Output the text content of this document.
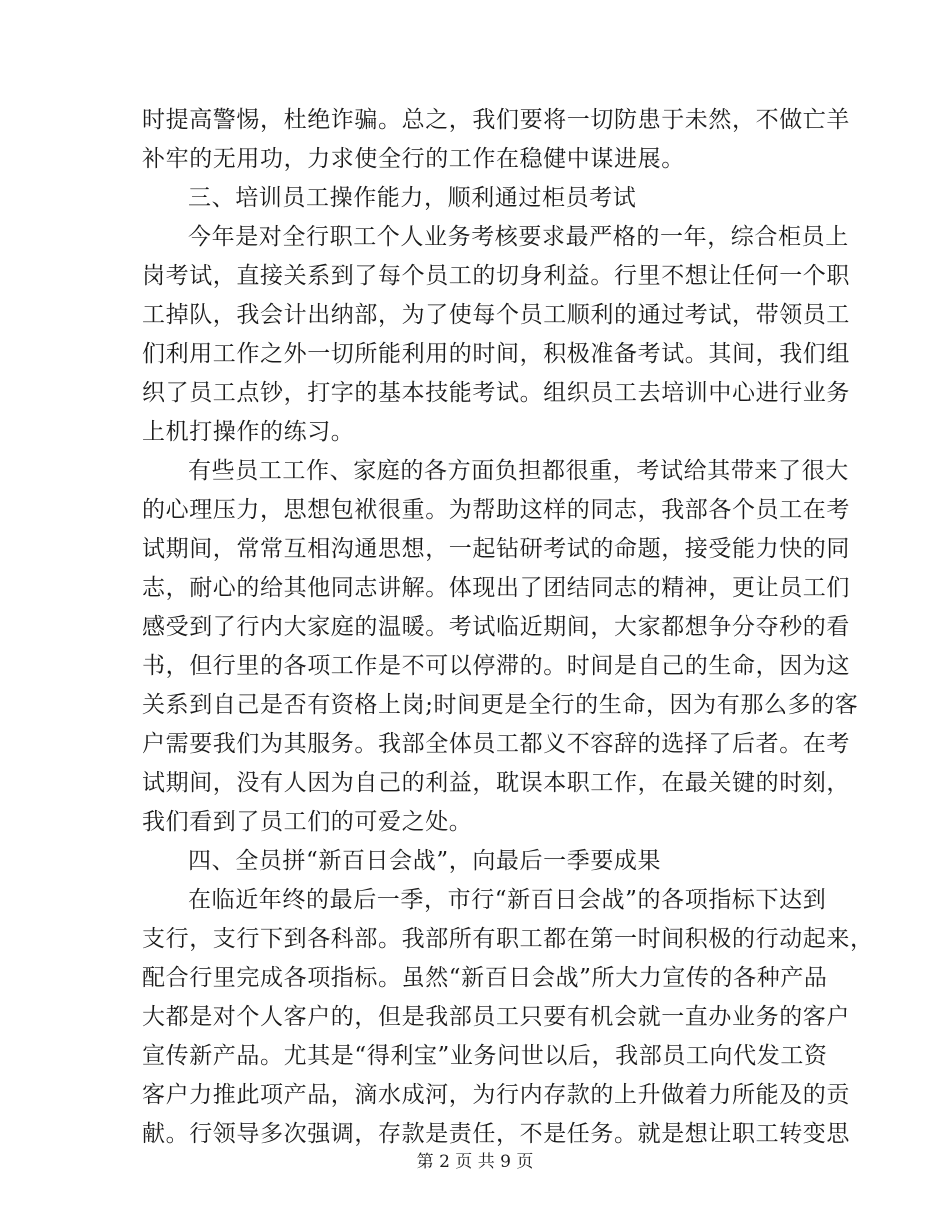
时提高警惕，杜绝诈骗。总之，我们要将一切防患于未然，不做亡羊
补牢的无用功，力求使全行的工作在稳健中谋进展。
三、培训员工操作能力，顺利通过柜员考试
今年是对全行职工个人业务考核要求最严格的一年，综合柜员上
岗考试，直接关系到了每个员工的切身利益。行里不想让任何一个职
工掉队，我会计出纳部，为了使每个员工顺利的通过考试，带领员工
们利用工作之外一切所能利用的时间，积极准备考试。其间，我们组
织了员工点钞，打字的基本技能考试。组织员工去培训中心进行业务
上机打操作的练习。
有些员工工作、家庭的各方面负担都很重，考试给其带来了很大
的心理压力，思想包袱很重。为帮助这样的同志，我部各个员工在考
试期间，常常互相沟通思想，一起钻研考试的命题，接受能力快的同
志，耐心的给其他同志讲解。体现出了团结同志的精神，更让员工们
感受到了行内大家庭的温暖。考试临近期间，大家都想争分夺秒的看
书，但行里的各项工作是不可以停滞的。时间是自己的生命，因为这
关系到自己是否有资格上岗;时间更是全行的生命，因为有那么多的客
户需要我们为其服务。我部全体员工都义不容辞的选择了后者。在考
试期间，没有人因为自己的利益，耽误本职工作，在最关键的时刻，
我们看到了员工们的可爱之处。
四、全员拼“新百日会战”，向最后一季要成果
在临近年终的最后一季，市行“新百日会战”的各项指标下达到
支行，支行下到各科部。我部所有职工都在第一时间积极的行动起来，
配合行里完成各项指标。虽然“新百日会战”所大力宣传的各种产品
大都是对个人客户的，但是我部员工只要有机会就一直办业务的客户
宣传新产品。尤其是“得利宝”业务问世以后，我部员工向代发工资
客户力推此项产品，滴水成河，为行内存款的上升做着力所能及的贡
献。行领导多次强调，存款是责任，不是任务。就是想让职工转变思
第 2 页 共 9 页
